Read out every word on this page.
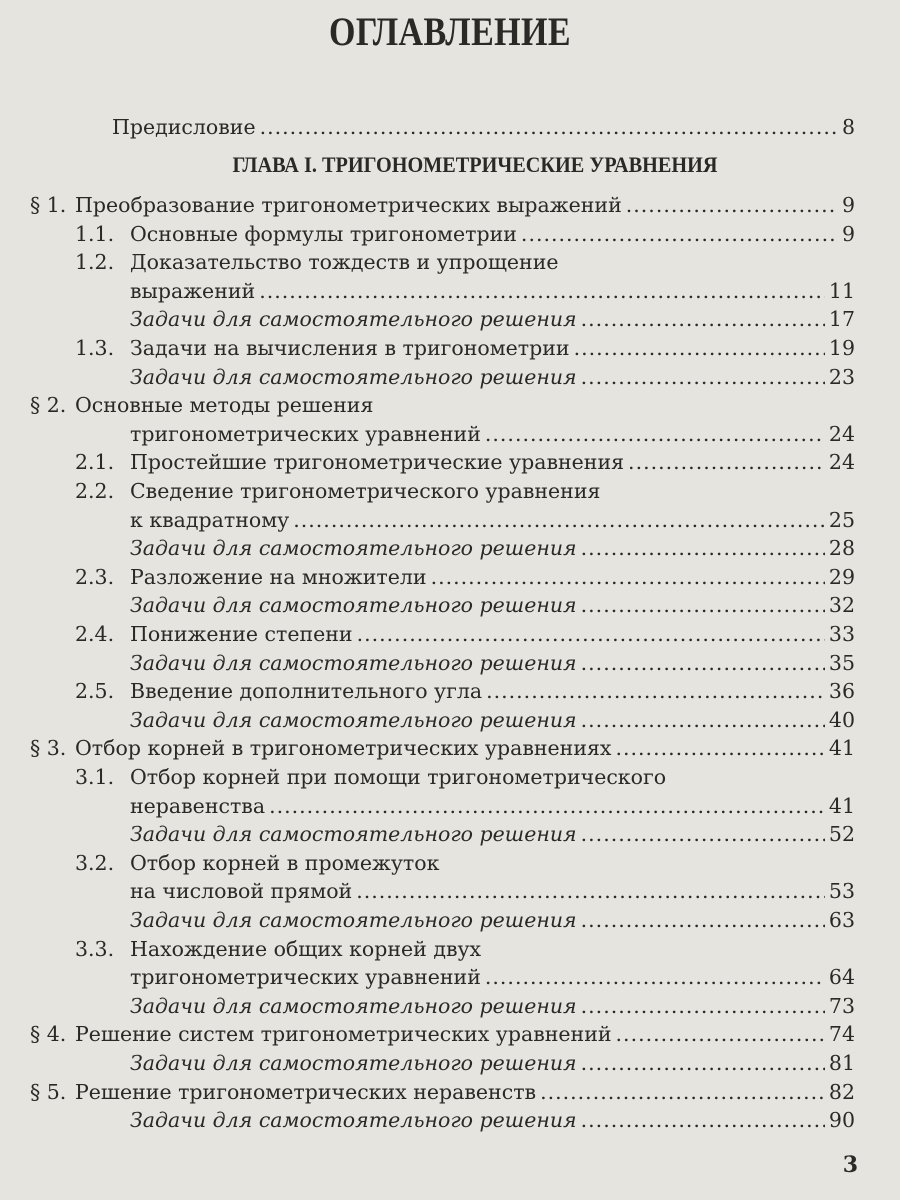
ОГЛАВЛЕНИЕ
Предисловие .....	8
ГЛАВА I. ТРИГОНОМЕТРИЧЕСКИЕ УРАВНЕНИЯ
§ 1. Преобразование тригонометрических выражений .....	9
1.1. Основные формулы тригонометрии .....	9
1.2. Доказательство тождеств и упрощение
выражений .....	11
Задачи для самостоятельного решения .....	17
1.3. Задачи на вычисления в тригонометрии .....	19
Задачи для самостоятельного решения .....	23
§ 2. Основные методы решения
тригонометрических уравнений .....	24
2.1. Простейшие тригонометрические уравнения .....	24
2.2. Сведение тригонометрического уравнения
к квадратному .....	25
Задачи для самостоятельного решения .....	28
2.3. Разложение на множители .....	29
Задачи для самостоятельного решения .....	32
2.4. Понижение степени .....	33
Задачи для самостоятельного решения .....	35
2.5. Введение дополнительного угла .....	36
Задачи для самостоятельного решения .....	40
§ 3. Отбор корней в тригонометрических уравнениях .....	41
3.1. Отбор корней при помощи тригонометрического
неравенства .....	41
Задачи для самостоятельного решения .....	52
3.2. Отбор корней в промежуток
на числовой прямой .....	53
Задачи для самостоятельного решения .....	63
3.3. Нахождение общих корней двух
тригонометрических уравнений .....	64
Задачи для самостоятельного решения .....	73
§ 4. Решение систем тригонометрических уравнений .....	74
Задачи для самостоятельного решения .....	81
§ 5. Решение тригонометрических неравенств .....	82
Задачи для самостоятельного решения .....	90
3
